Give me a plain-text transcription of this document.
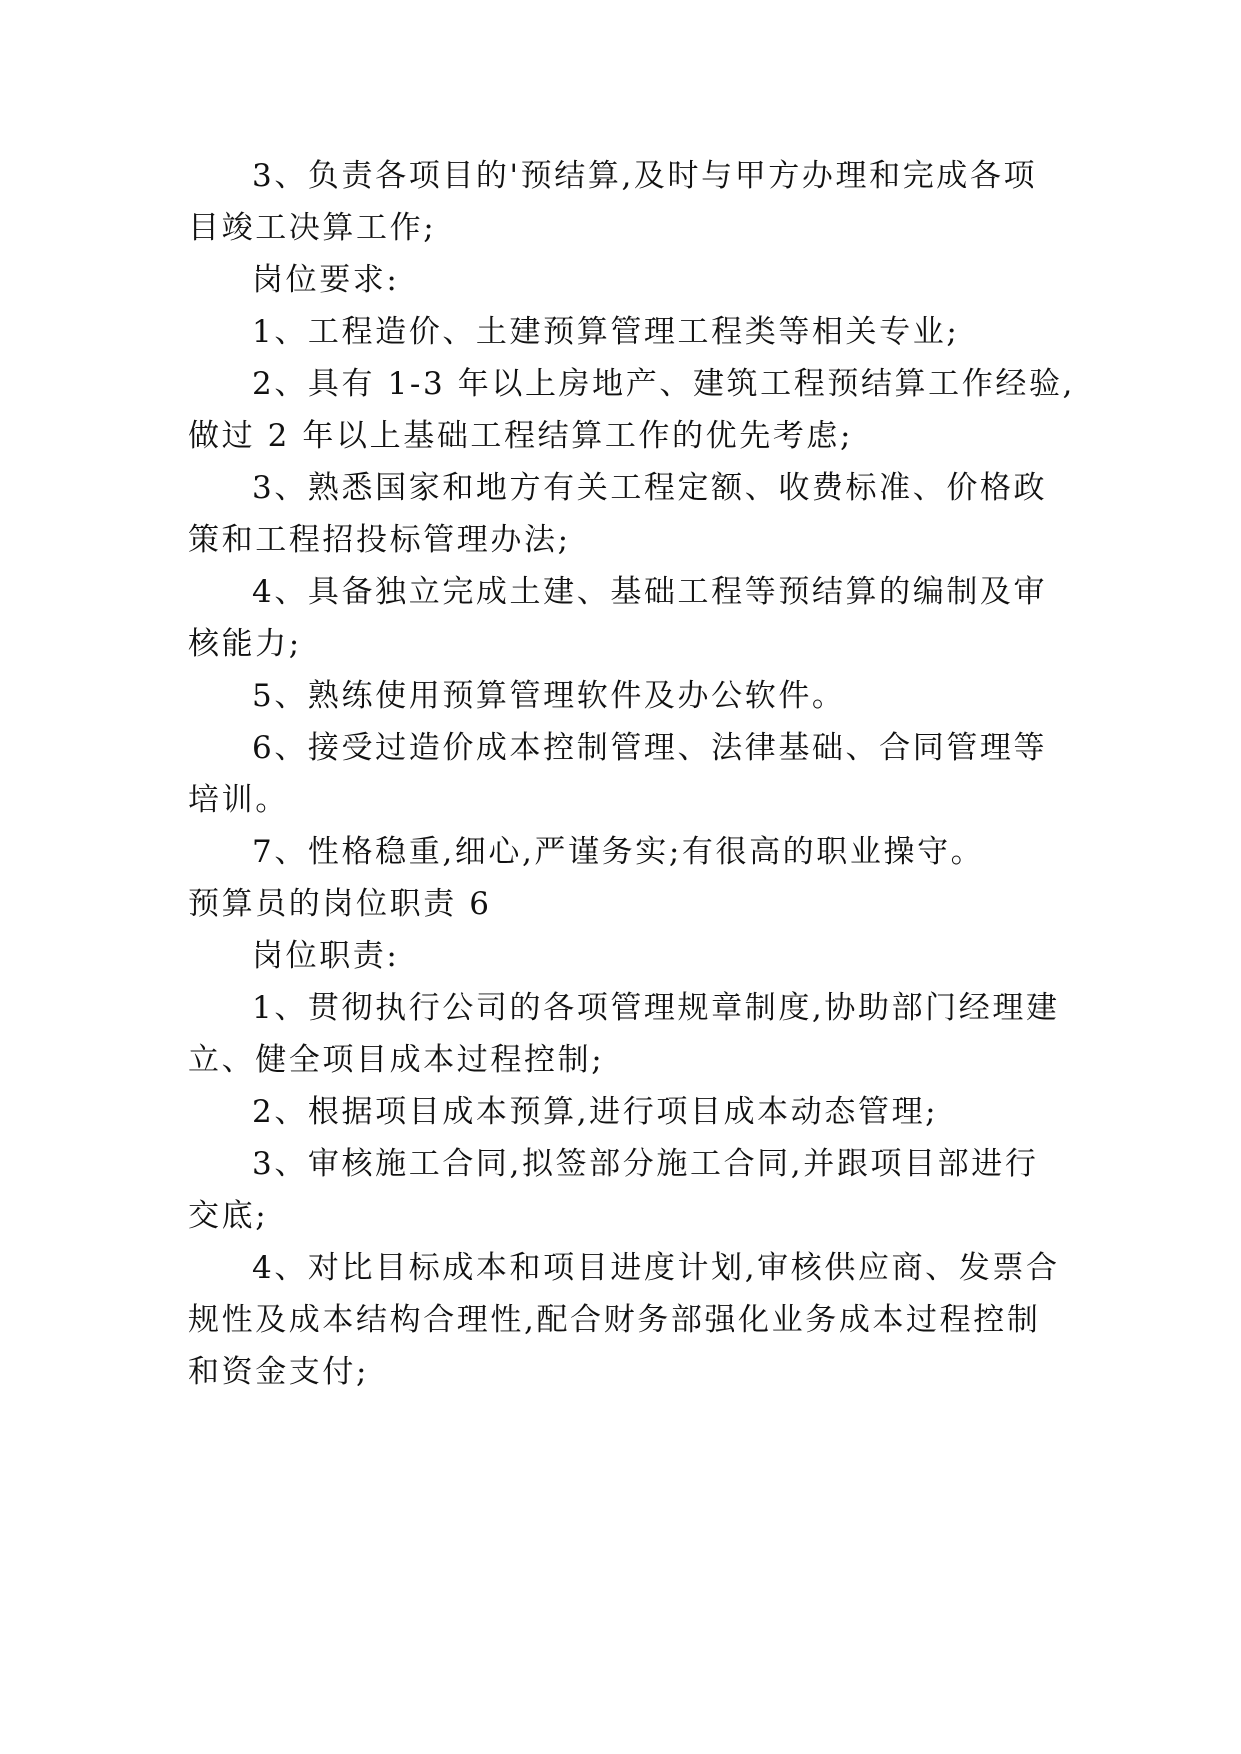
3、负责各项目的'预结算,及时与甲方办理和完成各项
目竣工决算工作;
岗位要求:
1、工程造价、土建预算管理工程类等相关专业;
2、具有 1-3 年以上房地产、建筑工程预结算工作经验,
做过 2 年以上基础工程结算工作的优先考虑;
3、熟悉国家和地方有关工程定额、收费标准、价格政
策和工程招投标管理办法;
4、具备独立完成土建、基础工程等预结算的编制及审
核能力;
5、熟练使用预算管理软件及办公软件。
6、接受过造价成本控制管理、法律基础、合同管理等
培训。
7、性格稳重,细心,严谨务实;有很高的职业操守。
预算员的岗位职责 6
岗位职责:
1、贯彻执行公司的各项管理规章制度,协助部门经理建
立、健全项目成本过程控制;
2、根据项目成本预算,进行项目成本动态管理;
3、审核施工合同,拟签部分施工合同,并跟项目部进行
交底;
4、对比目标成本和项目进度计划,审核供应商、发票合
规性及成本结构合理性,配合财务部强化业务成本过程控制
和资金支付;
